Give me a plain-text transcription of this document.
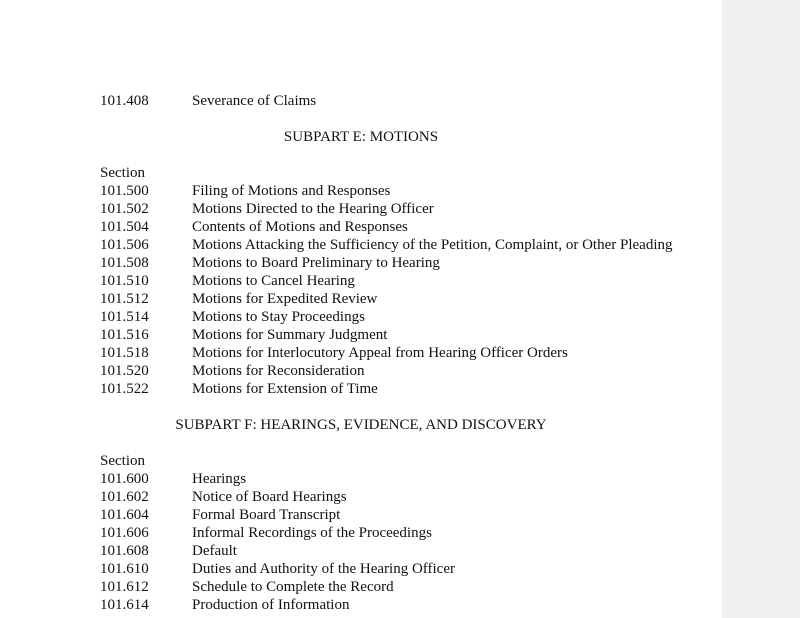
101.408	Severance of Claims
SUBPART E: MOTIONS
Section
101.500	Filing of Motions and Responses
101.502	Motions Directed to the Hearing Officer
101.504	Contents of Motions and Responses
101.506	Motions Attacking the Sufficiency of the Petition, Complaint, or Other Pleading
101.508	Motions to Board Preliminary to Hearing
101.510	Motions to Cancel Hearing
101.512	Motions for Expedited Review
101.514	Motions to Stay Proceedings
101.516	Motions for Summary Judgment
101.518	Motions for Interlocutory Appeal from Hearing Officer Orders
101.520	Motions for Reconsideration
101.522	Motions for Extension of Time
SUBPART F: HEARINGS, EVIDENCE, AND DISCOVERY
Section
101.600	Hearings
101.602	Notice of Board Hearings
101.604	Formal Board Transcript
101.606	Informal Recordings of the Proceedings
101.608	Default
101.610	Duties and Authority of the Hearing Officer
101.612	Schedule to Complete the Record
101.614	Production of Information
